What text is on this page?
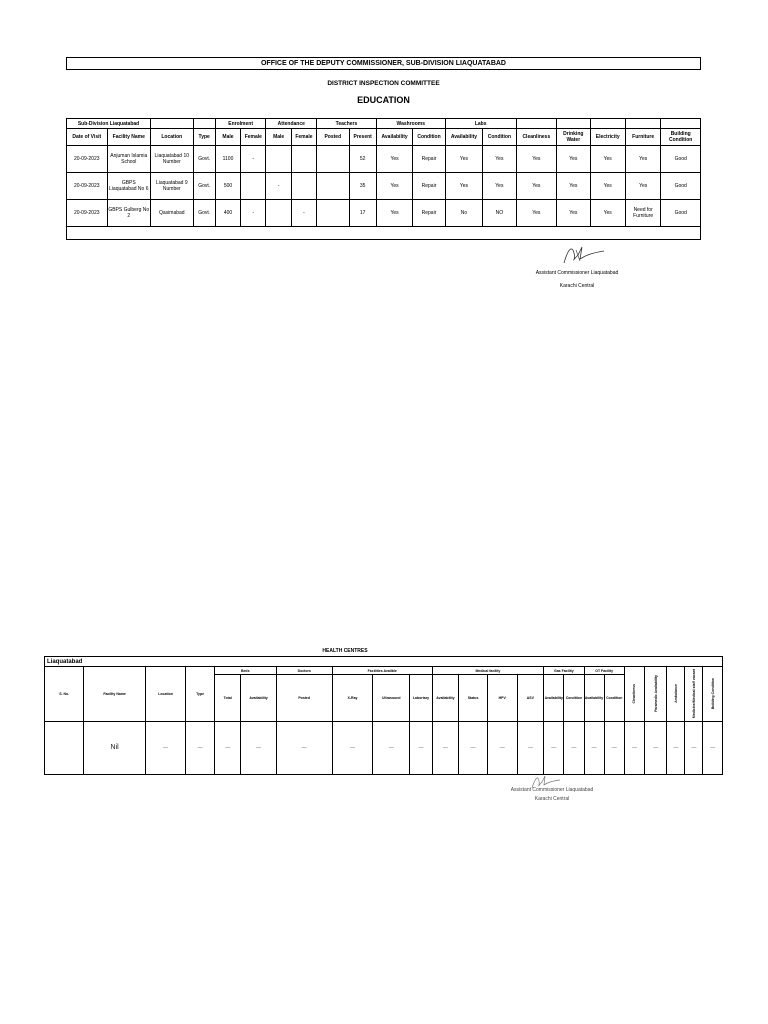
OFFICE OF THE DEPUTY COMMISSIONER, SUB-DIVISION LIAQUATABAD
DISTRICT INSPECTION COMMITTEE
EDUCATION
Sub-Division Liaquatabad				Enrolment		Attendance		Teachers		Washrooms		Labs						
Date of Visit	Facility Name	Location	Type	Male	Female	Male	Female	Posted	Present	Availability	Condition	Availability	Condition	Cleanliness	Drinking Water	Electricity	Furniture	Building Condition
20-09-2023	Anjuman Islamia School	Liaquatabad 10 Number	Govt.	1100	-				52	Yes	Repair	Yes	Yes	Yes	Yes	Yes	Yes	Good
20-09-2023	GBPS Liaquatabad No 6	Liaquatabad 9 Number	Govt.	500		-			35	Yes	Repair	Yes	Yes	Yes	Yes	Yes	Yes	Good
20-09-2023	GBPS Gulberg No 2	Qasimabad	Govt.	400	-		-		17	Yes	Repair	No	NO	Yes	Yes	Yes	Need for Furniture	Good

Assistant Commissioner Liaquatabad
Karachi Central
HEALTH CENTRES
Liaquatabad																						
S. No.	Facility Name	Location	Type	Beds		Doctors	Facilities Availble			Medical facility				Gas Facility		OT Facility		Cleanliness	Paramedic Availability	Ambulance	Medicine/Medical staff vacant	Building Condition
				Total	Availability	Posted	X-Ray	Ultrasound	Labortary	Availability	Status	HPV	ASV	Availability	Condition	Availability	Condition					
	Nil	—	—	—	—	—	—	—	—	—	—	—	—	—	—	—	—	—	—	—	—	—
Assistant Commissioner Liaquatabad
Karachi Central
